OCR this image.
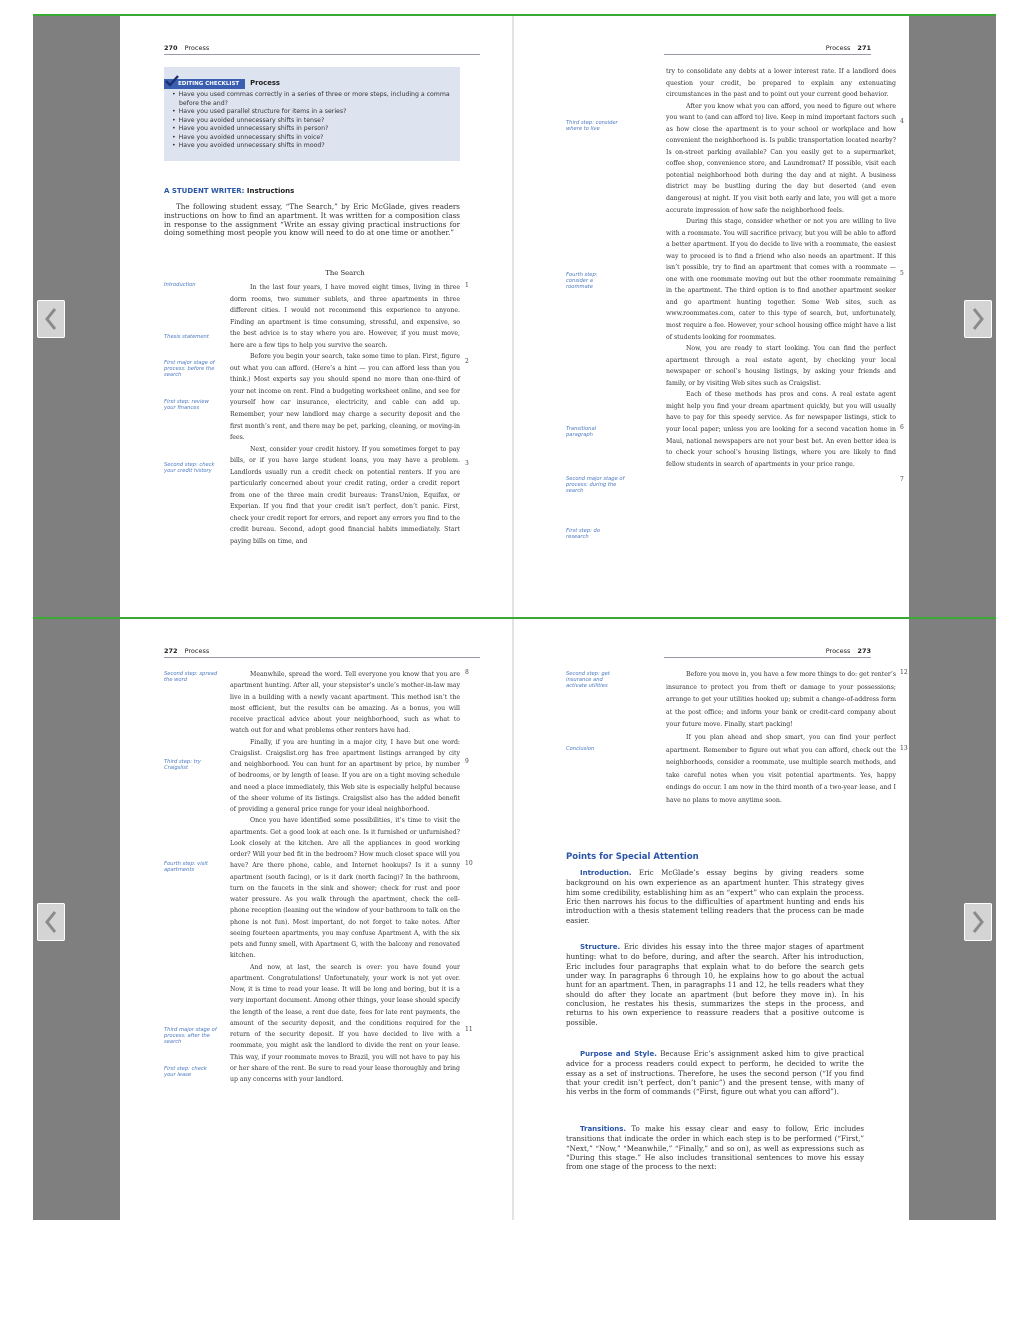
270 Process
EDITING CHECKLIST Process
• Have you used commas correctly in a series of three or more steps, including a comma before the and?
• Have you used parallel structure for items in a series?
• Have you avoided unnecessary shifts in tense?
• Have you avoided unnecessary shifts in person?
• Have you avoided unnecessary shifts in voice?
• Have you avoided unnecessary shifts in mood?
A STUDENT WRITER: Instructions
The following student essay, “The Search,” by Eric McGlade, gives readers instructions on how to find an apartment. It was written for a composition class in response to the assignment “Write an essay giving practical instructions for doing something most people you know will need to do at one time or another.”
The Search
Introduction
Thesis statement
First major stage of process: before the search
First step: review your finances
Second step: check your credit history
1
2
3

In the last four years, I have moved eight times, living in three dorm rooms, two summer sublets, and three apartments in three different cities. I would not recommend this experience to anyone. Finding an apartment is time consuming, stressful, and expensive, so the best advice is to stay where you are. However, if you must move, here are a few tips to help you survive the search.

Before you begin your search, take some time to plan. First, figure out what you can afford. (Here’s a hint — you can afford less than you think.) Most experts say you should spend no more than one-third of your net income on rent. Find a budgeting worksheet online, and see for yourself how car insurance, electricity, and cable can add up. Remember, your new landlord may charge a security deposit and the first month’s rent, and there may be pet, parking, cleaning, or moving-in fees.

Next, consider your credit history. If you sometimes forget to pay bills, or if you have large student loans, you may have a problem. Landlords usually run a credit check on potential renters. If you are particularly concerned about your credit rating, order a credit report from one of the three main credit bureaus: TransUnion, Equifax, or Experian. If you find that your credit isn’t perfect, don’t panic. First, check your credit report for errors, and report any errors you find to the credit bureau. Second, adopt good financial habits immediately. Start paying bills on time, and

Process 271
Third step: consider where to live
Fourth step: consider a roommate
Transitional paragraph
Second major stage of process: during the search
First step: do research
4
5
6
7

try to consolidate any debts at a lower interest rate. If a landlord does question your credit, be prepared to explain any extenuating circumstances in the past and to point out your current good behavior.

After you know what you can afford, you need to figure out where you want to (and can afford to) live. Keep in mind important factors such as how close the apartment is to your school or workplace and how convenient the neighborhood is. Is public transportation located nearby? Is on-street parking available? Can you easily get to a supermarket, coffee shop, convenience store, and Laundromat? If possible, visit each potential neighborhood both during the day and at night. A business district may be bustling during the day but deserted (and even dangerous) at night. If you visit both early and late, you will get a more accurate impression of how safe the neighborhood feels.

During this stage, consider whether or not you are willing to live with a roommate. You will sacrifice privacy, but you will be able to afford a better apartment. If you do decide to live with a roommate, the easiest way to proceed is to find a friend who also needs an apartment. If this isn’t possible, try to find an apartment that comes with a roommate — one with one roommate moving out but the other roommate remaining in the apartment. The third option is to find another apartment seeker and go apartment hunting together. Some Web sites, such as www.roommates.com, cater to this type of search, but, unfortunately, most require a fee. However, your school housing office might have a list of students looking for roommates.

Now, you are ready to start looking. You can find the perfect apartment through a real estate agent, by checking your local newspaper or school’s housing listings, by asking your friends and family, or by visiting Web sites such as Craigslist.

Each of these methods has pros and cons. A real estate agent might help you find your dream apartment quickly, but you will usually have to pay for this speedy service. As for newspaper listings, stick to your local paper; unless you are looking for a second vacation home in Maui, national newspapers are not your best bet. An even better idea is to check your school’s housing listings, where you are likely to find fellow students in search of apartments in your price range.

272 Process
Second step: spread the word
Third step: try Craigslist
Fourth step: visit apartments
Third major stage of process: after the search
First step: check your lease
8
9
10
11

Meanwhile, spread the word. Tell everyone you know that you are apartment hunting. After all, your stepsister’s uncle’s mother-in-law may live in a building with a newly vacant apartment. This method isn’t the most efficient, but the results can be amazing. As a bonus, you will receive practical advice about your neighborhood, such as what to watch out for and what problems other renters have had.

Finally, if you are hunting in a major city, I have but one word: Craigslist. Craigslist.org has free apartment listings arranged by city and neighborhood. You can hunt for an apartment by price, by number of bedrooms, or by length of lease. If you are on a tight moving schedule and need a place immediately, this Web site is especially helpful because of the sheer volume of its listings. Craigslist also has the added benefit of providing a general price range for your ideal neighborhood.

Once you have identified some possibilities, it’s time to visit the apartments. Get a good look at each one. Is it furnished or unfurnished? Look closely at the kitchen. Are all the appliances in good working order? Will your bed fit in the bedroom? How much closet space will you have? Are there phone, cable, and Internet hookups? Is it a sunny apartment (south facing), or is it dark (north facing)? In the bathroom, turn on the faucets in the sink and shower; check for rust and poor water pressure. As you walk through the apartment, check the cell-phone reception (leaning out the window of your bathroom to talk on the phone is not fun). Most important, do not forget to take notes. After seeing fourteen apartments, you may confuse Apartment A, with the six pets and funny smell, with Apartment G, with the balcony and renovated kitchen.

And now, at last, the search is over: you have found your apartment. Congratulations! Unfortunately, your work is not yet over. Now, it is time to read your lease. It will be long and boring, but it is a very important document. Among other things, your lease should specify the length of the lease, a rent due date, fees for late rent payments, the amount of the security deposit, and the conditions required for the return of the security deposit. If you have decided to live with a roommate, you might ask the landlord to divide the rent on your lease. This way, if your roommate moves to Brazil, you will not have to pay his or her share of the rent. Be sure to read your lease thoroughly and bring up any concerns with your landlord.

Process 273
Second step: get insurance and activate utilities
Conclusion
12
13

Before you move in, you have a few more things to do: get renter’s insurance to protect you from theft or damage to your possessions; arrange to get your utilities hooked up; submit a change-of-address form at the post office; and inform your bank or credit-card company about your future move. Finally, start packing!

If you plan ahead and shop smart, you can find your perfect apartment. Remember to figure out what you can afford, check out the neighborhoods, consider a roommate, use multiple search methods, and take careful notes when you visit potential apartments. Yes, happy endings do occur. I am now in the third month of a two-year lease, and I have no plans to move anytime soon.

Points for Special Attention

Introduction. Eric McGlade’s essay begins by giving readers some background on his own experience as an apartment hunter. This strategy gives him some credibility, establishing him as an “expert” who can explain the process. Eric then narrows his focus to the difficulties of apartment hunting and ends his introduction with a thesis statement telling readers that the process can be made easier.

Structure. Eric divides his essay into the three major stages of apartment hunting: what to do before, during, and after the search. After his introduction, Eric includes four paragraphs that explain what to do before the search gets under way. In paragraphs 6 through 10, he explains how to go about the actual hunt for an apartment. Then, in paragraphs 11 and 12, he tells readers what they should do after they locate an apartment (but before they move in). In his conclusion, he restates his thesis, summarizes the steps in the process, and returns to his own experience to reassure readers that a positive outcome is possible.

Purpose and Style. Because Eric’s assignment asked him to give practical advice for a process readers could expect to perform, he decided to write the essay as a set of instructions. Therefore, he uses the second person (“If you find that your credit isn’t perfect, don’t panic”) and the present tense, with many of his verbs in the form of commands (“First, figure out what you can afford”).

Transitions. To make his essay clear and easy to follow, Eric includes transitions that indicate the order in which each step is to be performed (“First,” “Next,” “Now,” “Meanwhile,” “Finally,” and so on), as well as expressions such as “During this stage.” He also includes transitional sentences to move his essay from one stage of the process to the next:
